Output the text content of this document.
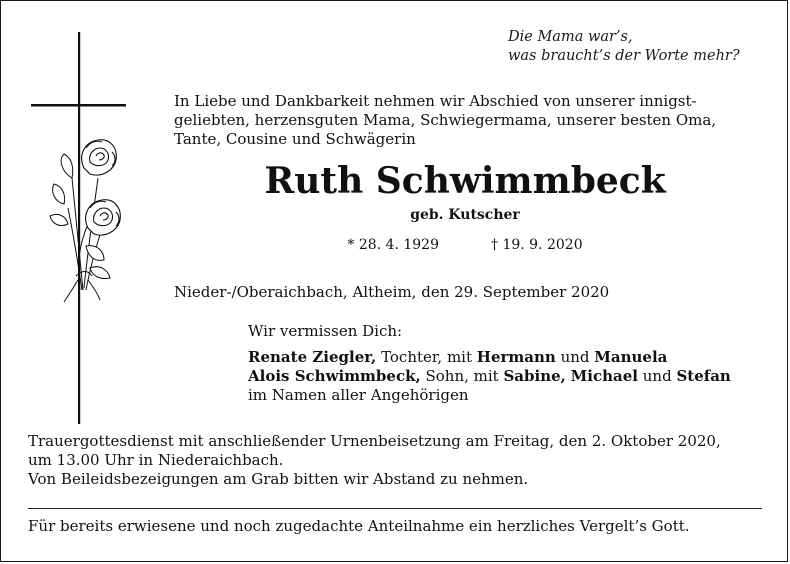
Die Mama war’s,
was braucht’s der Worte mehr?
In Liebe und Dankbarkeit nehmen wir Abschied von unserer innigst-
geliebten, herzensguten Mama, Schwiegermama, unserer besten Oma,
Tante, Cousine und Schwägerin
Ruth Schwimmbeck
geb. Kutscher
* 28. 4. 1929	† 19. 9. 2020
Nieder-/Oberaichbach, Altheim, den 29. September 2020
Wir vermissen Dich:
Renate Ziegler, Tochter, mit Hermann und Manuela
Alois Schwimmbeck, Sohn, mit Sabine, Michael und Stefan
im Namen aller Angehörigen
Trauergottesdienst mit anschließender Urnenbeisetzung am Freitag, den 2. Oktober 2020,
um 13.00 Uhr in Niederaichbach.
Von Beileidsbezeigungen am Grab bitten wir Abstand zu nehmen.
Für bereits erwiesene und noch zugedachte Anteilnahme ein herzliches Vergelt’s Gott.
